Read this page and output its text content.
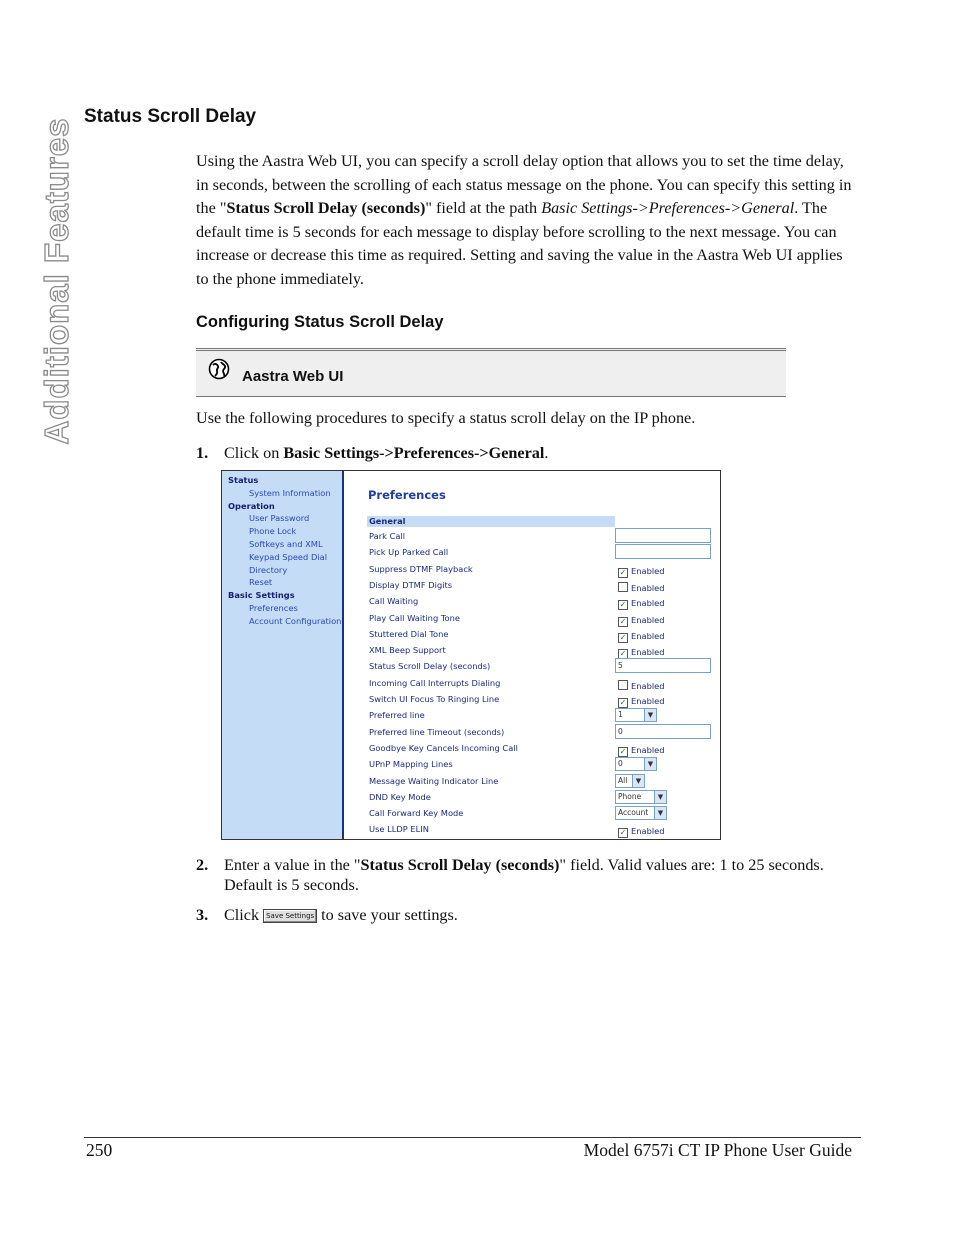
Additional Features
Status Scroll Delay

Using the Aastra Web UI, you can specify a scroll delay option that allows you to set the time delay, in seconds, between the scrolling of each status message on the phone. You can specify this setting in the "Status Scroll Delay (seconds)" field at the path Basic Settings->Preferences->General. The default time is 5 seconds for each message to display before scrolling to the next message. You can increase or decrease this time as required. Setting and saving the value in the Aastra Web UI applies to the phone immediately.

Configuring Status Scroll Delay
Aastra Web UI

Use the following procedures to specify a status scroll delay on the IP phone.

1. Click on Basic Settings->Preferences->General.
Status
System Information
Operation
User Password
Phone Lock
Softkeys and XML
Keypad Speed Dial
Directory
Reset
Basic Settings
Preferences
Account Configuration
Preferences
General
Park Call
Pick Up Parked Call
Suppress DTMF Playback	✓ Enabled
Display DTMF Digits	Enabled
Call Waiting	✓ Enabled
Play Call Waiting Tone	✓ Enabled
Stuttered Dial Tone	✓ Enabled
XML Beep Support	✓ Enabled
Status Scroll Delay (seconds)	5
Incoming Call Interrupts Dialing	Enabled
Switch UI Focus To Ringing Line	✓ Enabled
Preferred line	1	▼
Preferred line Timeout (seconds)	0
Goodbye Key Cancels Incoming Call	✓ Enabled
UPnP Mapping Lines	0	▼
Message Waiting Indicator Line	All	▼
DND Key Mode	Phone	▼
Call Forward Key Mode	Account	▼
Use LLDP ELIN	✓ Enabled
2. Enter a value in the "Status Scroll Delay (seconds)" field. Valid values are: 1 to 25 seconds. Default is 5 seconds.
3. Click Save Settings to save your settings.
250	Model 6757i CT IP Phone User Guide
